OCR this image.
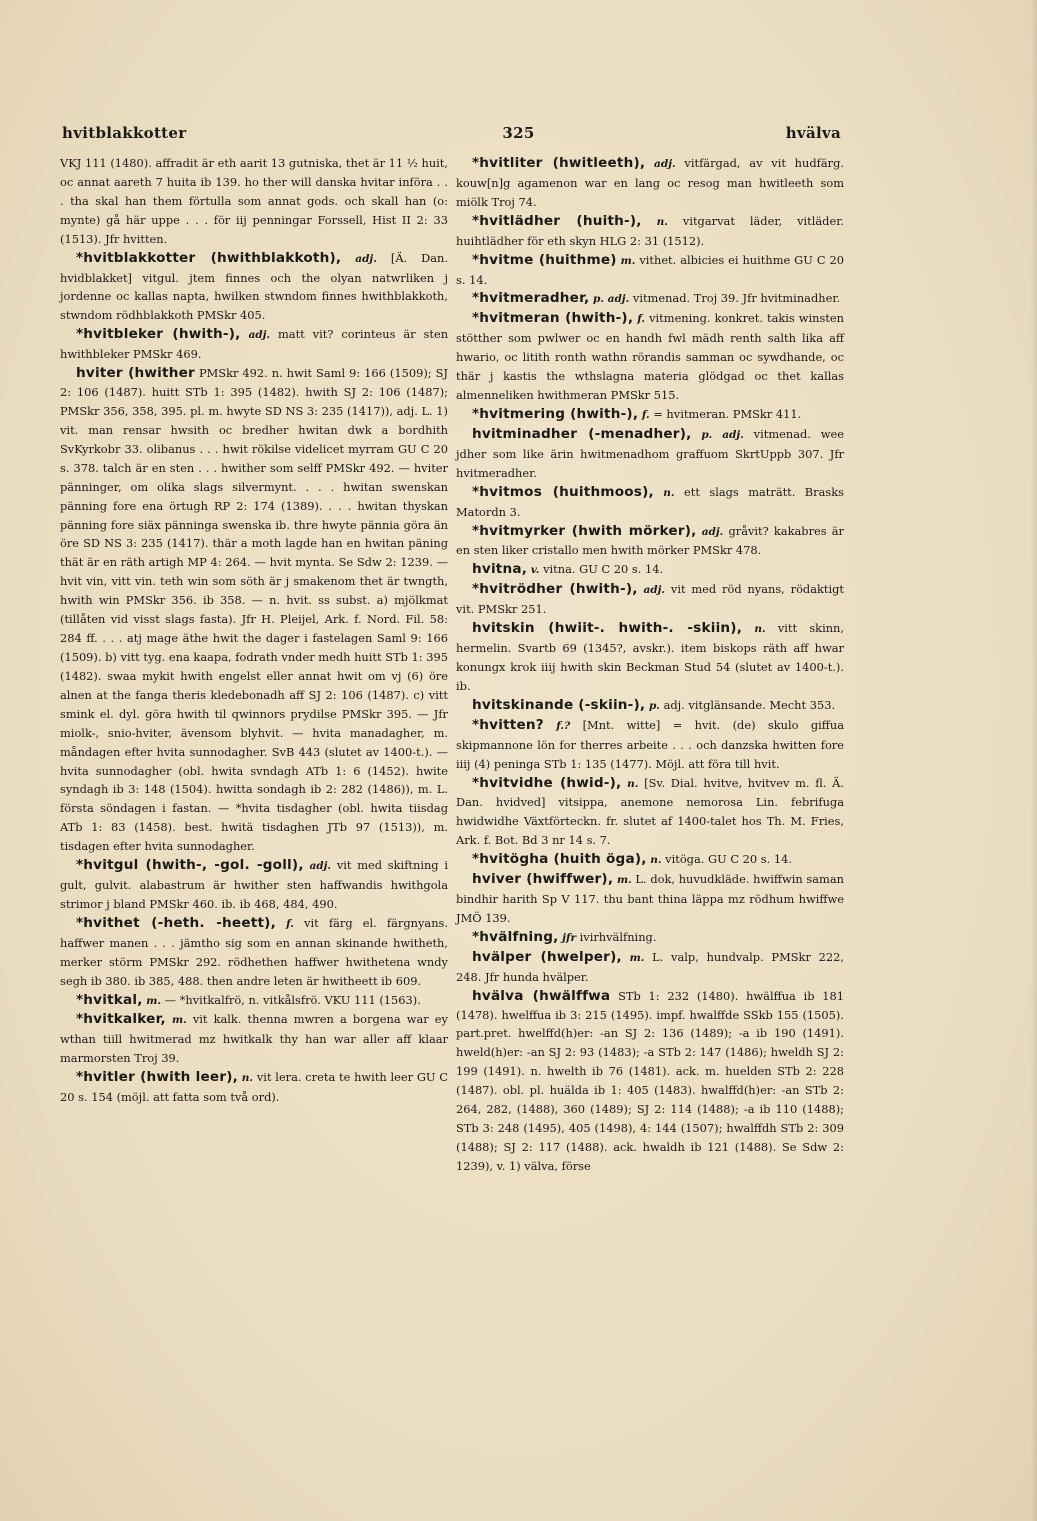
hvitblakkotter	325	hvälva

VKJ 111 (1480). affradit är eth aarit 13 gutniska, thet är 11 ½ huit, oc annat aareth 7 huita ib 139. ho ther will danska hvitar införa . . . tha skal han them förtulla som annat gods. och skall han (o: mynte) gå här uppe . . . för iij penningar Forssell, Hist II 2: 33 (1513). Jfr hvitten.

*hvitblakkotter (hwithblakkoth), adj. [Ä. Dan. hvidblakket] vitgul. jtem finnes och the olyan natwrliken j jordenne oc kallas napta, hwilken stwndom finnes hwithblakkoth, stwndom rödhblakkoth PMSkr 405.

*hvitbleker (hwith-), adj. matt vit? corinteus är sten hwithbleker PMSkr 469.

hviter (hwither PMSkr 492. n. hwit Saml 9: 166 (1509); SJ 2: 106 (1487). huitt STb 1: 395 (1482). hwith SJ 2: 106 (1487); PMSkr 356, 358, 395. pl. m. hwyte SD NS 3: 235 (1417)), adj. L. 1) vit. man rensar hwsith oc bredher hwitan dwk a bordhith SvKyrkobr 33. olibanus . . . hwit rökilse videlicet myrram GU C 20 s. 378. talch är en sten . . . hwither som selff PMSkr 492. — hviter pänninger, om olika slags silvermynt. . . . hwitan swenskan pänning fore ena örtugh RP 2: 174 (1389). . . . hwitan thyskan pänning fore siäx pänninga swenska ib. thre hwyte pännia göra än öre SD NS 3: 235 (1417). thär a moth lagde han en hwitan päning thät är en räth artigh MP 4: 264. — hvit mynta. Se Sdw 2: 1239. — hvit vin, vitt vin. teth win som söth är j smakenom thet är twngth, hwith win PMSkr 356. ib 358. — n. hvit. ss subst. a) mjölkmat (tillåten vid visst slags fasta). Jfr H. Pleijel, Ark. f. Nord. Fil. 58: 284 ff. . . . atj mage äthe hwit the dager i fastelagen Saml 9: 166 (1509). b) vitt tyg. ena kaapa, fodrath vnder medh huitt STb 1: 395 (1482). swaa mykit hwith engelst eller annat hwit om vj (6) öre alnen at the fanga theris kledebonadh aff SJ 2: 106 (1487). c) vitt smink el. dyl. göra hwith til qwinnors prydilse PMSkr 395. — Jfr miolk-, snio-hviter, ävensom blyhvit. — hvita manadagher, m. måndagen efter hvita sunnodagher. SvB 443 (slutet av 1400-t.). — hvita sunnodagher (obl. hwita svndagh ATb 1: 6 (1452). hwite syndagh ib 3: 148 (1504). hwitta sondagh ib 2: 282 (1486)), m. L. första söndagen i fastan. — *hvita tisdagher (obl. hwita tiisdag ATb 1: 83 (1458). best. hwitä tisdaghen JTb 97 (1513)), m. tisdagen efter hvita sunnodagher.

*hvitgul (hwith-, -gol. -goll), adj. vit med skiftning i gult, gulvit. alabastrum är hwither sten haffwandis hwithgola strimor j bland PMSkr 460. ib. ib 468, 484, 490.

*hvithet (-heth. -heett), f. vit färg el. färgnyans. haffwer manen . . . jämtho sig som en annan skinande hwitheth, merker störm PMSkr 292. rödhethen haffwer hwithetena wndy segh ib 380. ib 385, 488. then andre leten är hwitheett ib 609.

*hvitkal, m. — *hvitkalfrö, n. vitkålsfrö. VKU 111 (1563).

*hvitkalker, m. vit kalk. thenna mwren a borgena war ey wthan tiill hwitmerad mz hwitkalk thy han war aller aff klaar marmorsten Troj 39.

*hvitler (hwith leer), n. vit lera. creta te hwith leer GU C 20 s. 154 (möjl. att fatta som två ord).

*hvitliter (hwitleeth), adj. vitfärgad, av vit hudfärg. kouw[n]g agamenon war en lang oc resog man hwitleeth som miölk Troj 74.

*hvitlädher (huith-), n. vitgarvat läder, vitläder. huihtlädher för eth skyn HLG 2: 31 (1512).

*hvitme (huithme) m. vithet. albicies ei huithme GU C 20 s. 14.

*hvitmeradher, p. adj. vitmenad. Troj 39. Jfr hvitminadher.

*hvitmeran (hwith-), f. vitmening. konkret. takis winsten stötther som pwlwer oc en handh fwl mädh renth salth lika aff hwario, oc litith ronth wathn rörandis samman oc sywdhande, oc thär j kastis the wthslagna materia glödgad oc thet kallas almenneliken hwithmeran PMSkr 515.

*hvitmering (hwith-), f. = hvitmeran. PMSkr 411.

hvitminadher (-menadher), p. adj. vitmenad. wee jdher som like ärin hwitmenadhom graffuom SkrtUppb 307. Jfr hvitmeradher.

*hvitmos (huithmoos), n. ett slags maträtt. Brasks Matordn 3.

*hvitmyrker (hwith mörker), adj. gråvit? kakabres är en sten liker cristallo men hwith mörker PMSkr 478.

hvitna, v. vitna. GU C 20 s. 14.

*hvitrödher (hwith-), adj. vit med röd nyans, rödaktigt vit. PMSkr 251.

hvitskin (hwiit-. hwith-. -skiin), n. vitt skinn, hermelin. Svartb 69 (1345?, avskr.). item biskops räth aff hwar konungx krok iiij hwith skin Beckman Stud 54 (slutet av 1400-t.). ib.

hvitskinande (-skiin-), p. adj. vitglänsande. Mecht 353.

*hvitten? f.? [Mnt. witte] = hvit. (de) skulo giffua skipmannone lön for therres arbeite . . . och danzska hwitten fore iiij (4) peninga STb 1: 135 (1477). Möjl. att föra till hvit.

*hvitvidhe (hwid-), n. [Sv. Dial. hvitve, hvitvev m. fl. Ä. Dan. hvidved] vitsippa, anemone nemorosa Lin. febrifuga hwidwidhe Växtförteckn. fr. slutet af 1400-talet hos Th. M. Fries, Ark. f. Bot. Bd 3 nr 14 s. 7.

*hvitögha (huith öga), n. vitöga. GU C 20 s. 14.

hviver (hwiffwer), m. L. dok, huvudkläde. hwiffwin saman bindhir harith Sp V 117. thu bant thina läppa mz rödhum hwiffwe JMÖ 139.

*hvälfning, jfr ivirhvälfning.

hvälper (hwelper), m. L. valp, hundvalp. PMSkr 222, 248. Jfr hunda hvälper.

hvälva (hwälffwa STb 1: 232 (1480). hwälffua ib 181 (1478). hwelffua ib 3: 215 (1495). impf. hwalffde SSkb 155 (1505). part.pret. hwelffd(h)er: -an SJ 2: 136 (1489); -a ib 190 (1491). hweld(h)er: -an SJ 2: 93 (1483); -a STb 2: 147 (1486); hweldh SJ 2: 199 (1491). n. hwelth ib 76 (1481). ack. m. huelden STb 2: 228 (1487). obl. pl. huälda ib 1: 405 (1483). hwalffd(h)er: -an STb 2: 264, 282, (1488), 360 (1489); SJ 2: 114 (1488); -a ib 110 (1488); STb 3: 248 (1495), 405 (1498), 4: 144 (1507); hwalffdh STb 2: 309 (1488); SJ 2: 117 (1488). ack. hwaldh ib 121 (1488). Se Sdw 2: 1239), v. 1) välva, förse
